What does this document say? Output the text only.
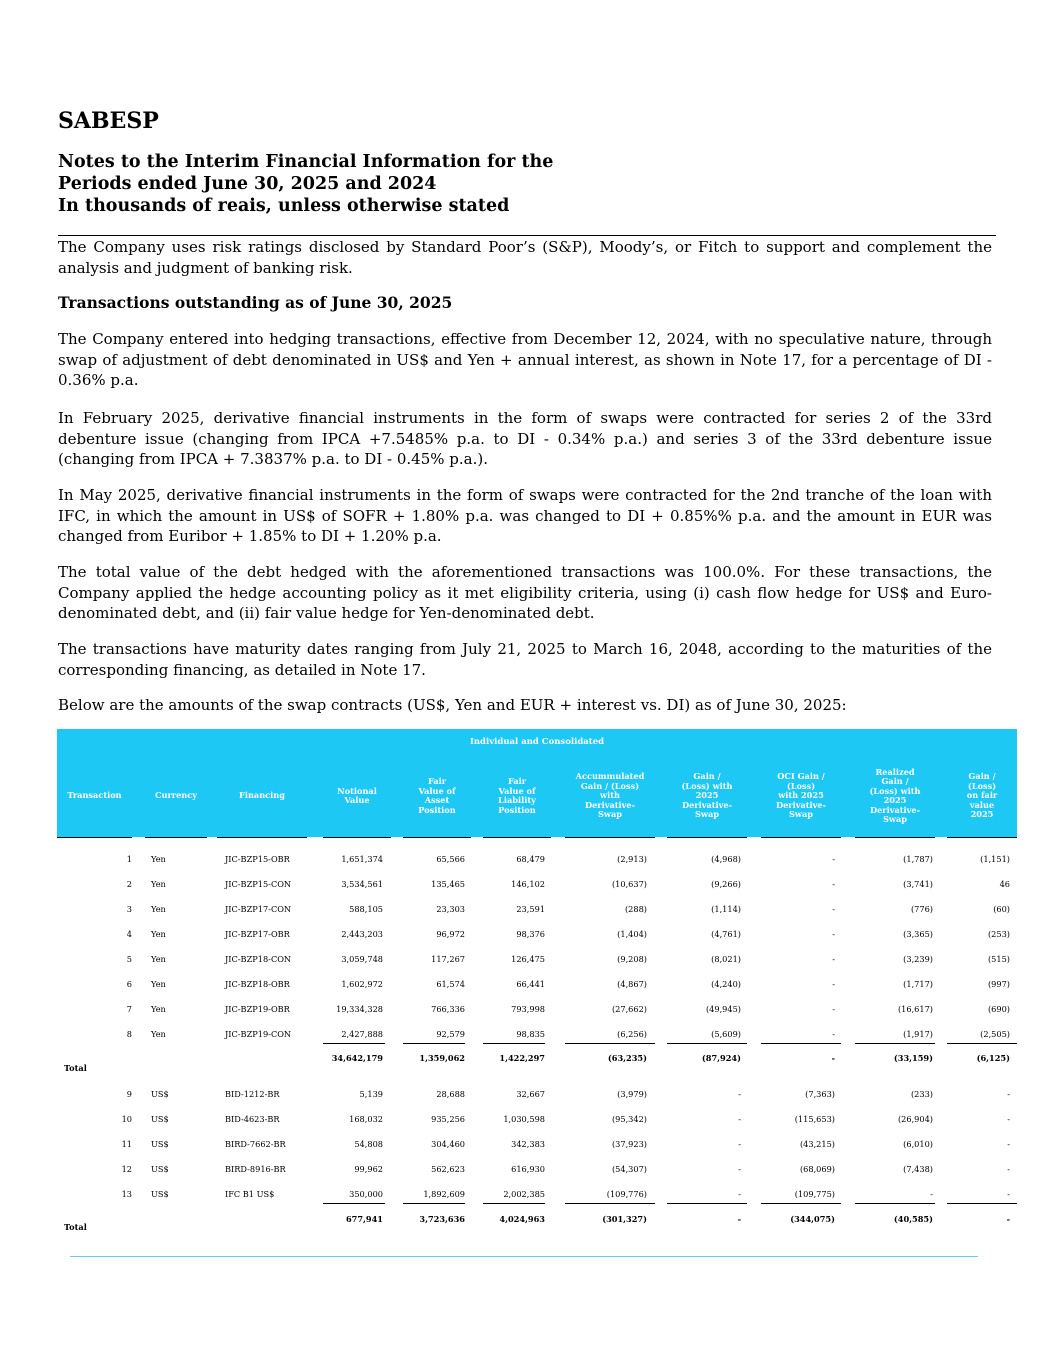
SABESP
Notes to the Interim Financial Information for the
Periods ended June 30, 2025 and 2024
In thousands of reais, unless otherwise stated
The Company uses risk ratings disclosed by Standard Poor’s (S&P), Moody’s, or Fitch to support and complement the analysis and judgment of banking risk.
Transactions outstanding as of June 30, 2025
The Company entered into hedging transactions, effective from December 12, 2024, with no speculative nature, through swap of adjustment of debt denominated in US$ and Yen + annual interest, as shown in Note 17, for a percentage of DI - 0.36% p.a.
In February 2025, derivative financial instruments in the form of swaps were contracted for series 2 of the 33rd debenture issue (changing from IPCA +7.5485% p.a. to DI - 0.34% p.a.) and series 3 of the 33rd debenture issue (changing from IPCA + 7.3837% p.a. to DI - 0.45% p.a.).
In May 2025, derivative financial instruments in the form of swaps were contracted for the 2nd tranche of the loan with IFC, in which the amount in US$ of SOFR + 1.80% p.a. was changed to DI + 0.85%% p.a. and the amount in EUR was changed from Euribor + 1.85% to DI + 1.20% p.a.
The total value of the debt hedged with the aforementioned transactions was 100.0%. For these transactions, the Company applied the hedge accounting policy as it met eligibility criteria, using (i) cash flow hedge for US$ and Euro-denominated debt, and (ii) fair value hedge for Yen-denominated debt.
The transactions have maturity dates ranging from July 21, 2025 to March 16, 2048, according to the maturities of the corresponding financing, as detailed in Note 17.
Below are the amounts of the swap contracts (US$, Yen and EUR + interest vs. DI) as of June 30, 2025:
Individual and Consolidated
Transaction	Currency	Financing	Notional Value
Fair Value of Asset Position
Fair Value of Liability Position
Accummulated Gain / (Loss) with Derivative-Swap
Gain / (Loss) with 2025 Derivative-Swap
OCI Gain / (Loss) with 2025 Derivative-Swap
Realized Gain / (Loss) with 2025 Derivative-Swap
Gain / (Loss) on fair value 2025
1 Yen	JIC-BZP15-OBR	1,651,374	65,566	68,479	(2,913)	(4,968)	-	(1,787)	(1,151)
2 Yen	JIC-BZP15-CON	3,534,561	135,465	146,102	(10,637)	(9,266)	-	(3,741)	46
3 Yen	JIC-BZP17-CON	588,105	23,303	23,591	(288)	(1,114)	-	(776)	(60)
4 Yen	JIC-BZP17-OBR	2,443,203	96,972	98,376	(1,404)	(4,761)	-	(3,365)	(253)
5 Yen	JIC-BZP18-CON	3,059,748	117,267	126,475	(9,208)	(8,021)	-	(3,239)	(515)
6 Yen	JIC-BZP18-OBR	1,602,972	61,574	66,441	(4,867)	(4,240)	-	(1,717)	(997)
7 Yen	JIC-BZP19-OBR	19,334,328	766,336	793,998	(27,662)	(49,945)	-	(16,617)	(690)
8 Yen	JIC-BZP19-CON	2,427,888	92,579	98,835	(6,256)	(5,609)	-	(1,917)	(2,505)
34,642,179	1,359,062	1,422,297	(63,235)	(87,924)	-	(33,159)	(6,125)
Total
9 US$	BID-1212-BR	5,139	28,688	32,667	(3,979)	-	(7,363)	(233)	-
10 US$	BID-4623-BR	168,032	935,256	1,030,598	(95,342)	-	(115,653)	(26,904)	-
11 US$	BIRD-7662-BR	54,808	304,460	342,383	(37,923)	-	(43,215)	(6,010)	-
12 US$	BIRD-8916-BR	99,962	562,623	616,930	(54,307)	-	(68,069)	(7,438)	-
13 US$	IFC B1 US$	350,000	1,892,609	2,002,385	(109,776)	-	(109,775)	-	-
677,941	3,723,636	4,024,963	(301,327)	-	(344,075)	(40,585)	-
Total
